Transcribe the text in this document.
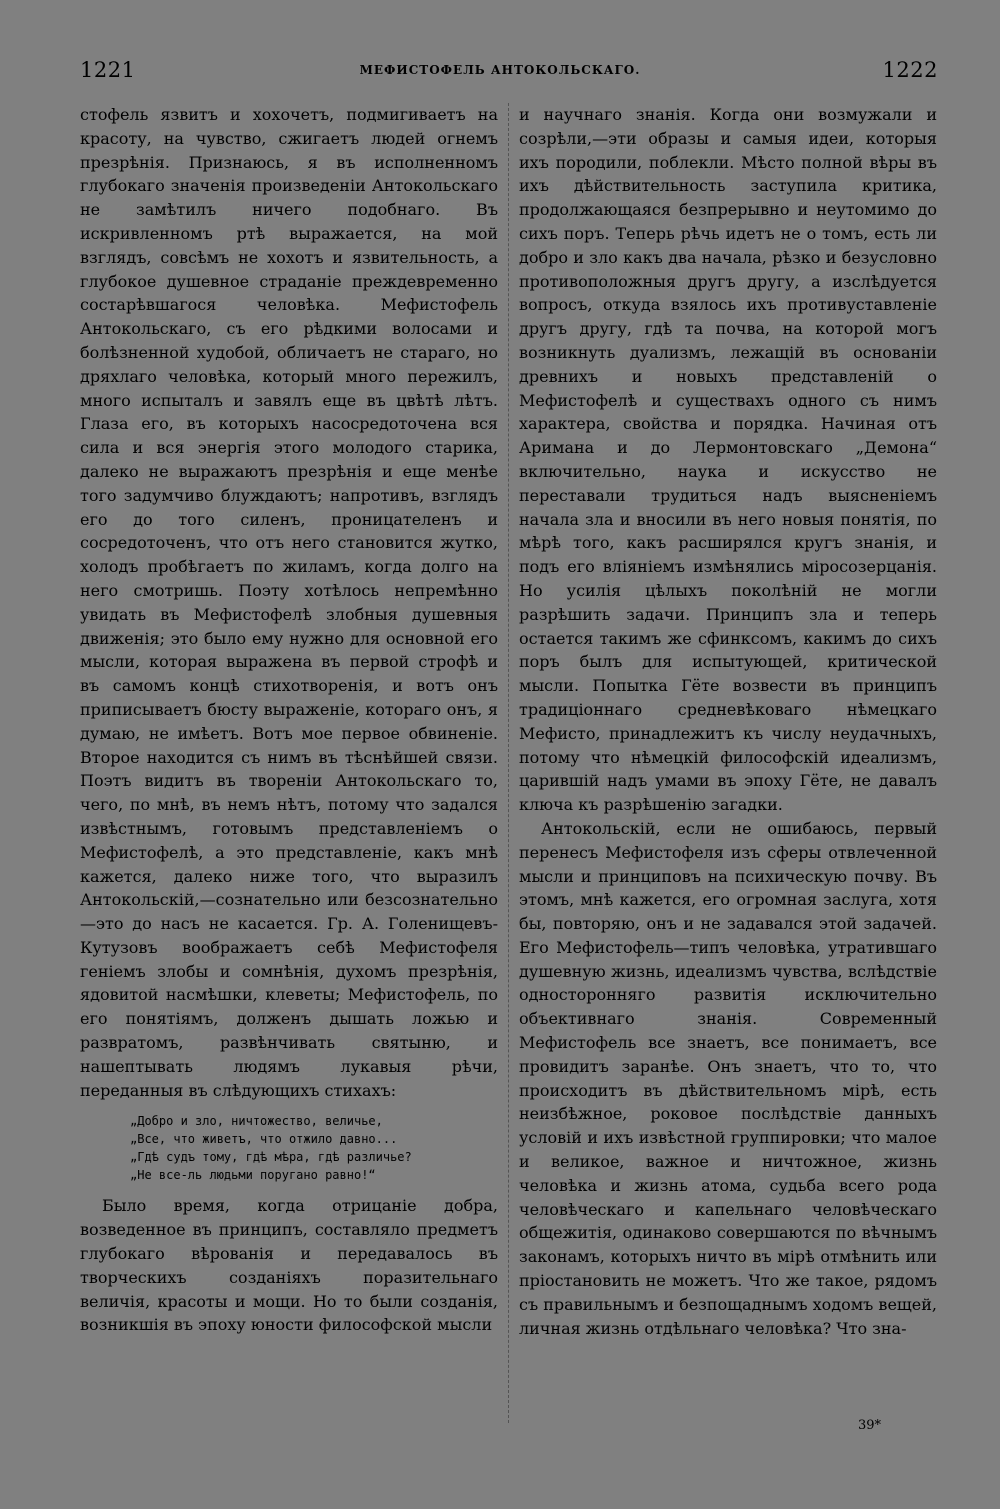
1221	МЕФИСТОФЕЛЬ АНТОКОЛЬСКАГО.	1222

стофель язвитъ и хохочетъ, подмигиваетъ на красоту, на чувство, сжигаетъ людей огнемъ презрѣнія. Признаюсь, я въ исполненномъ глубокаго значенія произведеніи Антокольскаго не замѣтилъ ничего подобнаго. Въ искривленномъ ртѣ выражается, на мой взглядъ, совсѣмъ не хохотъ и язвительность, а глубокое душевное страданіе преждевременно состарѣвшагося человѣка. Мефистофель Антокольскаго, съ его рѣдкими волосами и болѣзненной худобой, обличаетъ не стараго, но дряхлаго человѣка, который много пережилъ, много испыталъ и завялъ еще въ цвѣтѣ лѣтъ. Глаза его, въ которыхъ насосредоточена вся сила и вся энергія этого молодого старика, далеко не выражаютъ презрѣнія и еще менѣе того задумчиво блуждаютъ; напротивъ, взглядъ его до того силенъ, проницателенъ и сосредоточенъ, что отъ него становится жутко, холодъ пробѣгаетъ по жиламъ, когда долго на него смотришь. Поэту хотѣлось непремѣнно увидать въ Мефистофелѣ злобныя душевныя движенія; это было ему нужно для основной его мысли, которая выражена въ первой строфѣ и въ самомъ концѣ стихотворенія, и вотъ онъ приписываетъ бюсту выраженіе, котораго онъ, я думаю, не имѣетъ. Вотъ мое первое обвиненіе. Второе находится съ нимъ въ тѣснѣйшей связи. Поэтъ видитъ въ твореніи Антокольскаго то, чего, по мнѣ, въ немъ нѣтъ, потому что задался извѣстнымъ, готовымъ представленіемъ о Мефистофелѣ, а это представленіе, какъ мнѣ кажется, далеко ниже того, что выразилъ Антокольскій,—сознательно или безсознательно—это до насъ не касается. Гр. А. Голенищевъ-Кутузовъ воображаетъ себѣ Мефистофеля геніемъ злобы и сомнѣнія, духомъ презрѣнія, ядовитой насмѣшки, клеветы; Мефистофель, по его понятіямъ, долженъ дышать ложью и развратомъ, развѣнчивать святыню, и нашептывать людямъ лукавыя рѣчи, переданныя въ слѣдующихъ стихахъ:

„Добро и зло, ничтожество, величье,
„Все, что живетъ, что отжило давно...
„Гдѣ судъ тому, гдѣ мѣра, гдѣ различье?
„Не все-ль людьми поругано равно!“

Было время, когда отрицаніе добра, возведенное въ принципъ, составляло предметъ глубокаго вѣрованія и передавалось въ творческихъ созданіяхъ поразительнаго величія, красоты и мощи. Но то были созданія, возникшія въ эпоху юности философской мысли

и научнаго знанія. Когда они возмужали и созрѣли,—эти образы и самыя идеи, которыя ихъ породили, поблекли. Мѣсто полной вѣры въ ихъ дѣйствительность заступила критика, продолжающаяся безпрерывно и неутомимо до сихъ поръ. Теперь рѣчь идетъ не о томъ, есть ли добро и зло какъ два начала, рѣзко и безусловно противоположныя другъ другу, а изслѣдуется вопросъ, откуда взялось ихъ противуставленіе другъ другу, гдѣ та почва, на которой могъ возникнуть дуализмъ, лежащій въ основаніи древнихъ и новыхъ представленій о Мефистофелѣ и существахъ одного съ нимъ характера, свойства и порядка. Начиная отъ Аримана и до Лермонтовскаго „Демона“ включительно, наука и искусство не переставали трудиться надъ выясненіемъ начала зла и вносили въ него новыя понятія, по мѣрѣ того, какъ расширялся кругъ знанія, и подъ его вліяніемъ измѣнялись міросозерцанія. Но усилія цѣлыхъ поколѣній не могли разрѣшить задачи. Принципъ зла и теперь остается такимъ же сфинксомъ, какимъ до сихъ поръ былъ для испытующей, критической мысли. Попытка Гёте возвести въ принципъ традиціоннаго средневѣковаго нѣмецкаго Мефисто, принадлежитъ къ числу неудачныхъ, потому что нѣмецкій философскій идеализмъ, царившій надъ умами въ эпоху Гёте, не давалъ ключа къ разрѣшенію загадки.

Антокольскій, если не ошибаюсь, первый перенесъ Мефистофеля изъ сферы отвлеченной мысли и принциповъ на психическую почву. Въ этомъ, мнѣ кажется, его огромная заслуга, хотя бы, повторяю, онъ и не задавался этой задачей. Его Мефистофель—типъ человѣка, утратившаго душевную жизнь, идеализмъ чувства, вслѣдствіе односторонняго развитія исключительно объективнаго знанія. Современный Мефистофель все знаетъ, все понимаетъ, все провидитъ заранѣе. Онъ знаетъ, что то, что происходитъ въ дѣйствительномъ мірѣ, есть неизбѣжное, роковое послѣдствіе данныхъ условій и ихъ извѣстной группировки; что малое и великое, важное и ничтожное, жизнь человѣка и жизнь атома, судьба всего рода человѣческаго и капельнаго человѣческаго общежитія, одинаково совершаются по вѣчнымъ законамъ, которыхъ ничто въ мірѣ отмѣнить или пріостановить не можетъ. Что же такое, рядомъ съ правильнымъ и безпощаднымъ ходомъ вещей, личная жизнь отдѣльнаго человѣка? Что зна-

39*
